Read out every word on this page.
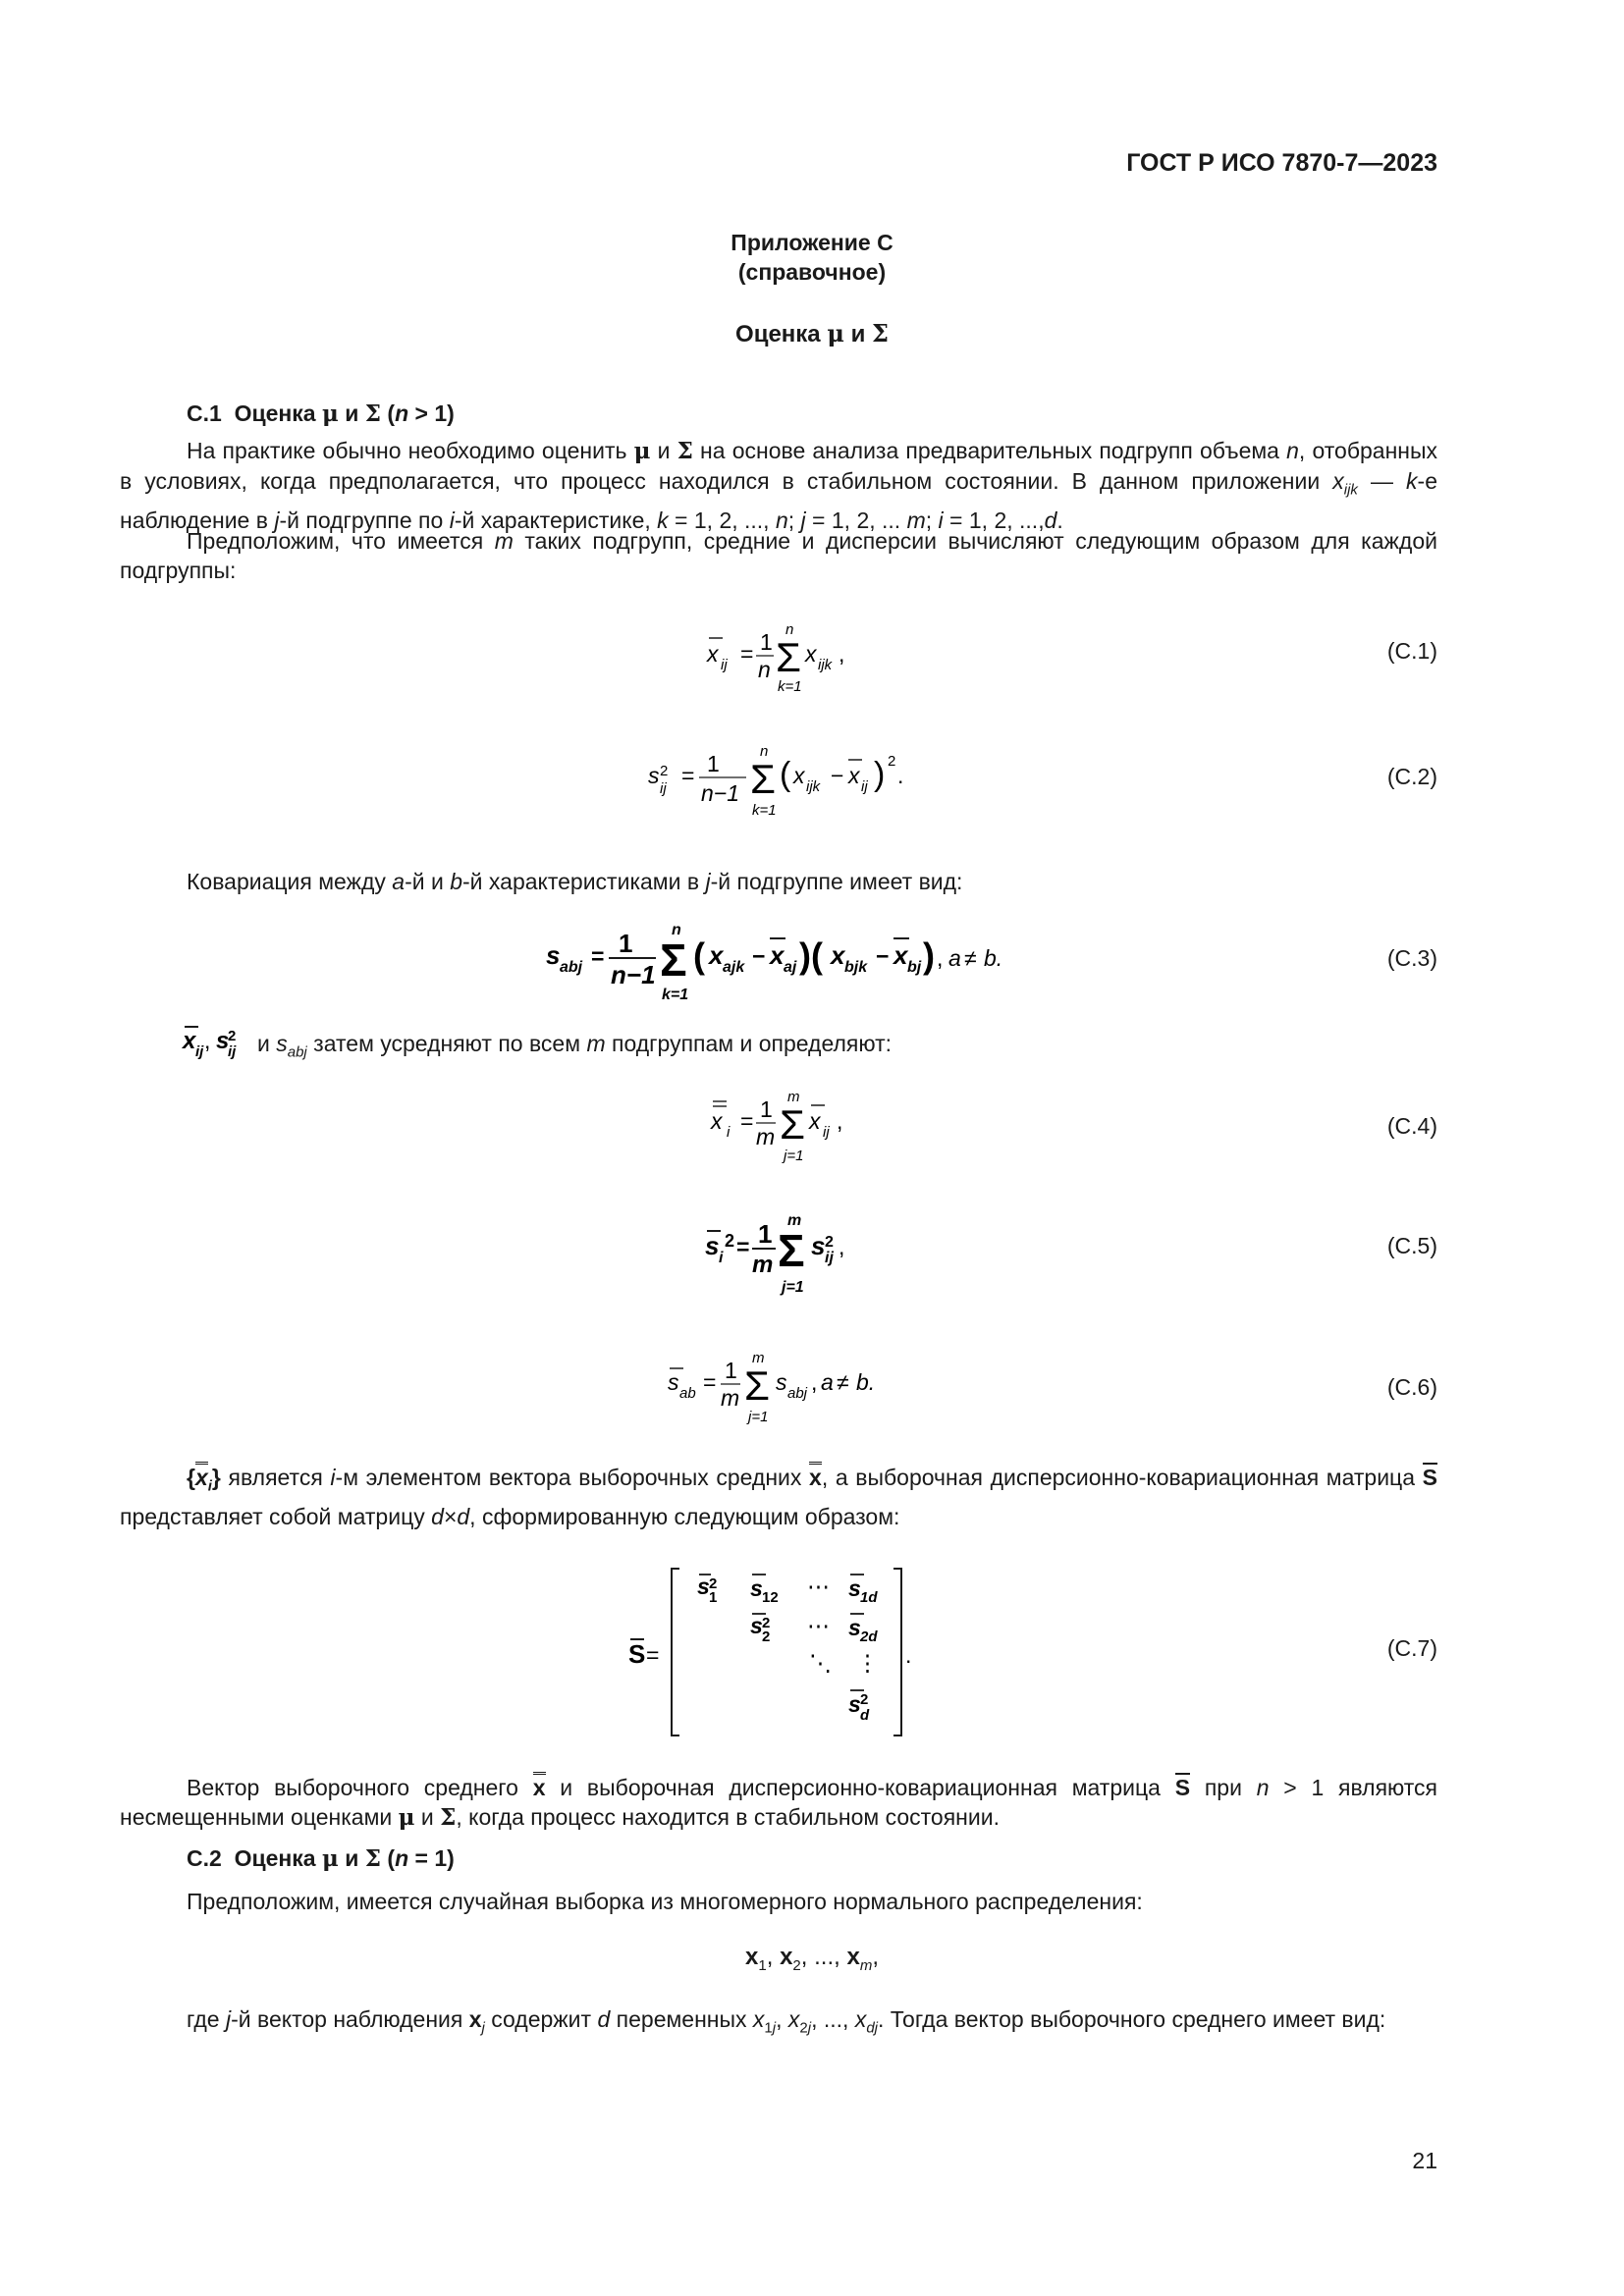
ГОСТ Р ИСО 7870-7—2023
Приложение С
(справочное)
Оценка μ и Σ
С.1  Оценка μ и Σ (n > 1)
На практике обычно необходимо оценить μ и Σ на основе анализа предварительных подгрупп объема n, отобранных в условиях, когда предполагается, что процесс находился в стабильном состоянии. В данном приложении $x_{ijk}$ — k-е наблюдение в j-й подгруппе по i-й характеристике, k = 1, 2, ..., n; j = 1, 2, ... m; i = 1, 2, ...,d.
Предположим, что имеется m таких подгрупп, средние и дисперсии вычисляют следующим образом для каждой подгруппы:
x ij = 1
n Σ
n
k=1
x ijk ,	(С.1)
s 2
ij
= 1
n−1 Σ
n
k=1
( x ijk − x ij ) 2
.	(С.2)
Ковариация между a-й и b-й характеристиками в j-й подгруппе имеет вид:
s abj = 1
n−1 Σ
n
k=1
( x ajk − x aj )( x bjk − x bj ) , a ≠ b.	(С.3)
x ij , s
2
ij и $s_{abj}$ затем усредняют по всем m подгруппам и определяют:
x i = 1
m Σ
m
j=1
x ij ,	(С.4)
s i
2 = 1
m Σ
m
j=1
s 2
ij ,	(С.5)
s ab = 1
m Σ
m
j=1
s abj , a ≠ b.	(С.6)
$\{x_i\}$ является i-м элементом вектора выборочных средних x, а выборочная дисперсионно-ковариационная матрица S представляет собой матрицу d×d, сформированную следующим образом:
S =
s 2
1 s 12 ⋯ s 1d
s 2
2 ⋯ s 2d
⋱ ⋮
s 2
d
.	(С.7)
Вектор выборочного среднего x и выборочная дисперсионно-ковариационная матрица S при n > 1 являются несмещенными оценками μ и Σ, когда процесс находится в стабильном состоянии.
С.2  Оценка μ и Σ (n = 1)
Предположим, имеется случайная выборка из многомерного нормального распределения:
$x_1$, $x_2$, ..., $x_m$,
где j-й вектор наблюдения $x_j$ содержит d переменных $x_{1j}$, $x_{2j}$, ..., $x_{dj}$. Тогда вектор выборочного среднего имеет вид:
21
